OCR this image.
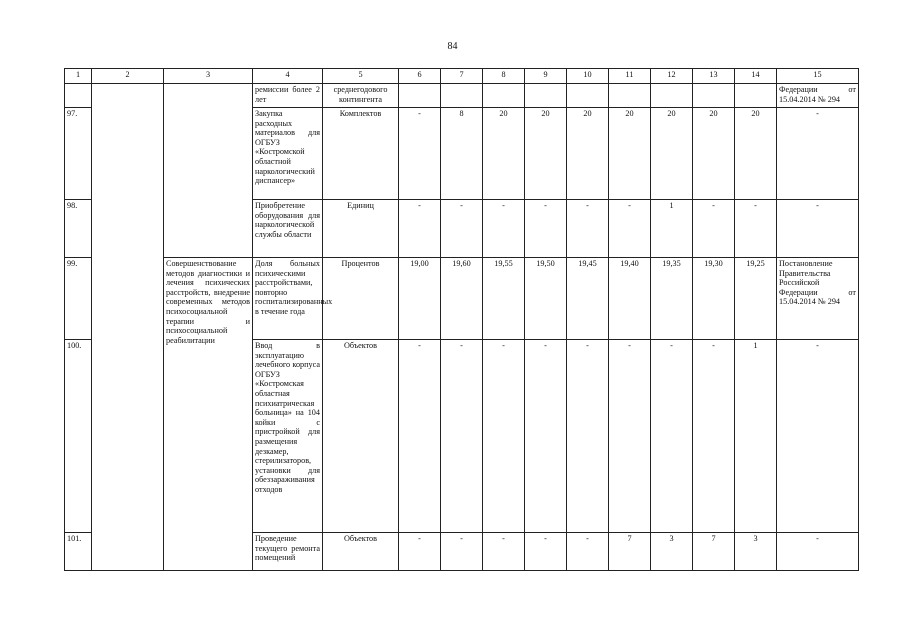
84
1	2	3	4	5	6	7	8	9	10	11	12	13	14	15
			ремиссии более 2 лет	среднегодового контингента										Федерации от 15.04.2014 № 294
97.			Закупка расходных материалов для ОГБУЗ «Костромской областной наркологический диспансер»	Комплектов	-	8	20	20	20	20	20	20	20	-
98.			Приобретение оборудования для наркологической службы области	Единиц	-	-	-	-	-	-	1	-	-	-
99.		Совершенствование методов диагностики и лечения психических расстройств, внедрение современных методов психосоциальной терапии и психосоциальной реабилитации	Доля больных психическими расстройствами, повторно госпитализированных в течение года	Процентов	19,00	19,60	19,55	19,50	19,45	19,40	19,35	19,30	19,25	Постановление Правительства Российской Федерации от 15.04.2014 № 294
100.			Ввод в эксплуатацию лечебного корпуса ОГБУЗ «Костромская областная психиатрическая больница» на 104 койки с пристройкой для размещения дезкамер, стерилизаторов, установки для обеззараживания отходов	Объектов	-	-	-	-	-	-	-	-	1	-
101.			Проведение текущего ремонта помещений	Объектов	-	-	-	-	-	7	3	7	3	-
